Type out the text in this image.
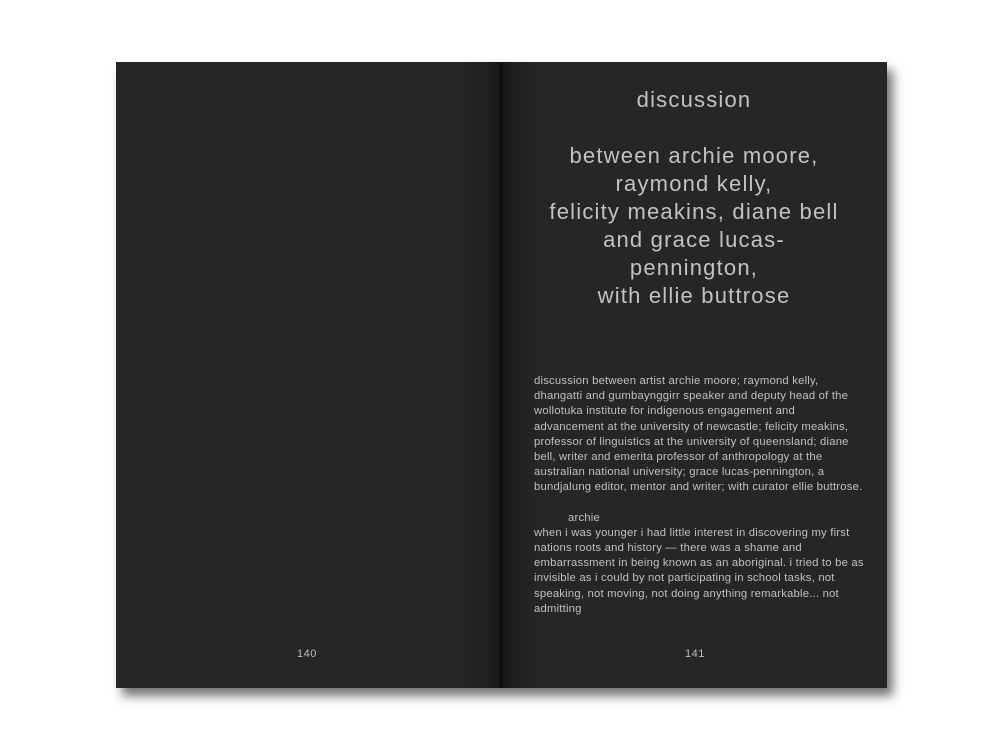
140
discussion
between archie moore,
raymond kelly,
felicity meakins, diane bell
and grace lucas-
pennington,
with ellie buttrose
141

discussion between artist archie moore; raymond kelly, dhangatti and gumbaynggirr speaker and deputy head of the wollotuka institute for indigenous engagement and advancement at the university of newcastle; felicity meakins, professor of linguistics at the university of queensland; diane bell, writer and emerita professor of anthropology at the australian national university; grace lucas-pennington, a bundjalung editor, mentor and writer; with curator ellie buttrose.

archie

when i was younger i had little interest in discovering my first nations roots and history — there was a shame and embarrassment in being known as an aboriginal. i tried to be as invisible as i could by not participating in school tasks, not speaking, not moving, not doing anything remarkable... not admitting
